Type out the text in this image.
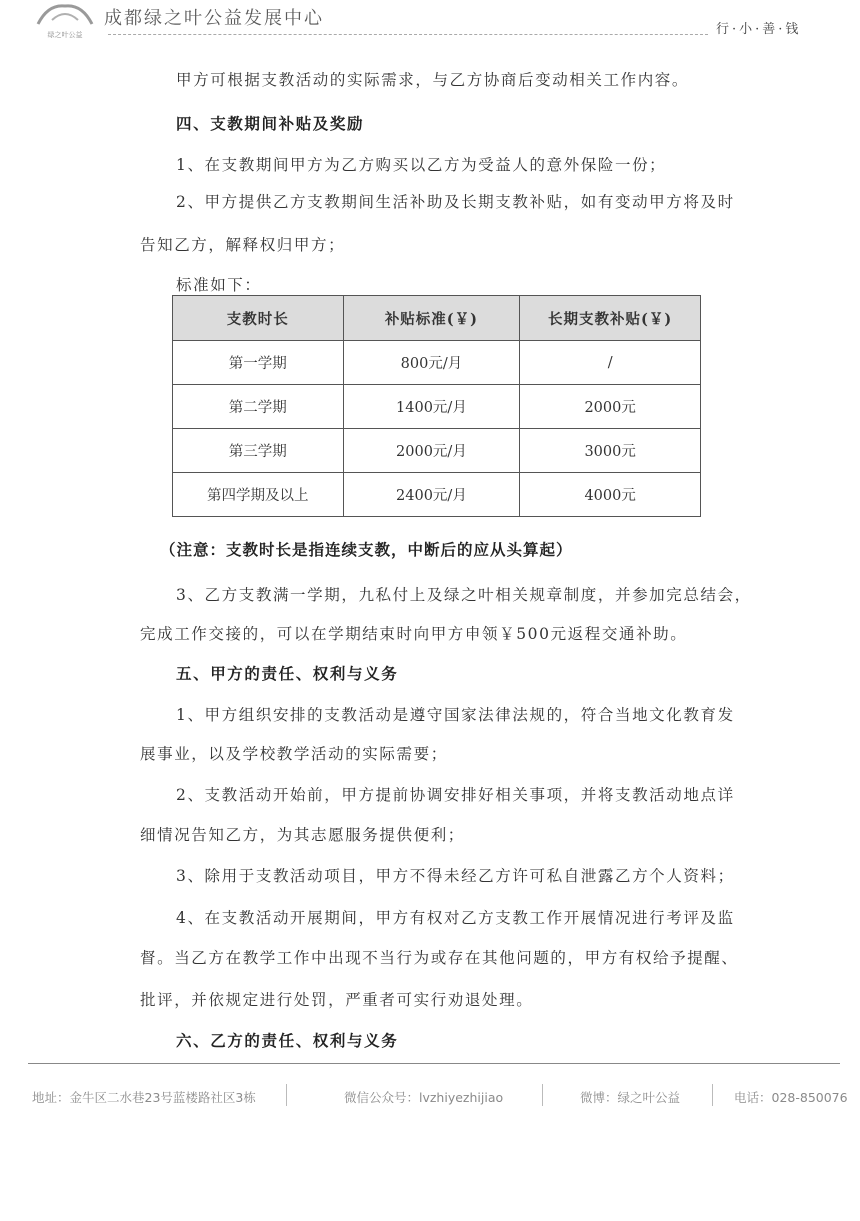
绿之叶公益
成都绿之叶公益发展中心
行·小·善·钱
甲方可根据支教活动的实际需求，与乙方协商后变动相关工作内容。
四、支教期间补贴及奖励
1、在支教期间甲方为乙方购买以乙方为受益人的意外保险一份；
2、甲方提供乙方支教期间生活补助及长期支教补贴，如有变动甲方将及时
告知乙方，解释权归甲方；
标准如下：
支教时长	补贴标准(￥)	长期支教补贴(￥)
第一学期	800元/月	/
第二学期	1400元/月	2000元
第三学期	2000元/月	3000元
第四学期及以上	2400元/月	4000元
（注意：支教时长是指连续支教，中断后的应从头算起）
3、乙方支教满一学期，九私付上及绿之叶相关规章制度，并参加完总结会，
完成工作交接的，可以在学期结束时向甲方申领￥500元返程交通补助。
五、甲方的责任、权利与义务
1、甲方组织安排的支教活动是遵守国家法律法规的，符合当地文化教育发
展事业，以及学校教学活动的实际需要；
2、支教活动开始前，甲方提前协调安排好相关事项，并将支教活动地点详
细情况告知乙方，为其志愿服务提供便利；
3、除用于支教活动项目，甲方不得未经乙方许可私自泄露乙方个人资料；
4、在支教活动开展期间，甲方有权对乙方支教工作开展情况进行考评及监
督。当乙方在教学工作中出现不当行为或存在其他问题的，甲方有权给予提醒、
批评，并依规定进行处罚，严重者可实行劝退处理。
六、乙方的责任、权利与义务
地址：金牛区二水巷23号蓝楼路社区3栋	微信公众号：lvzhiyezhijiao	微博：绿之叶公益	电话：028-850076
